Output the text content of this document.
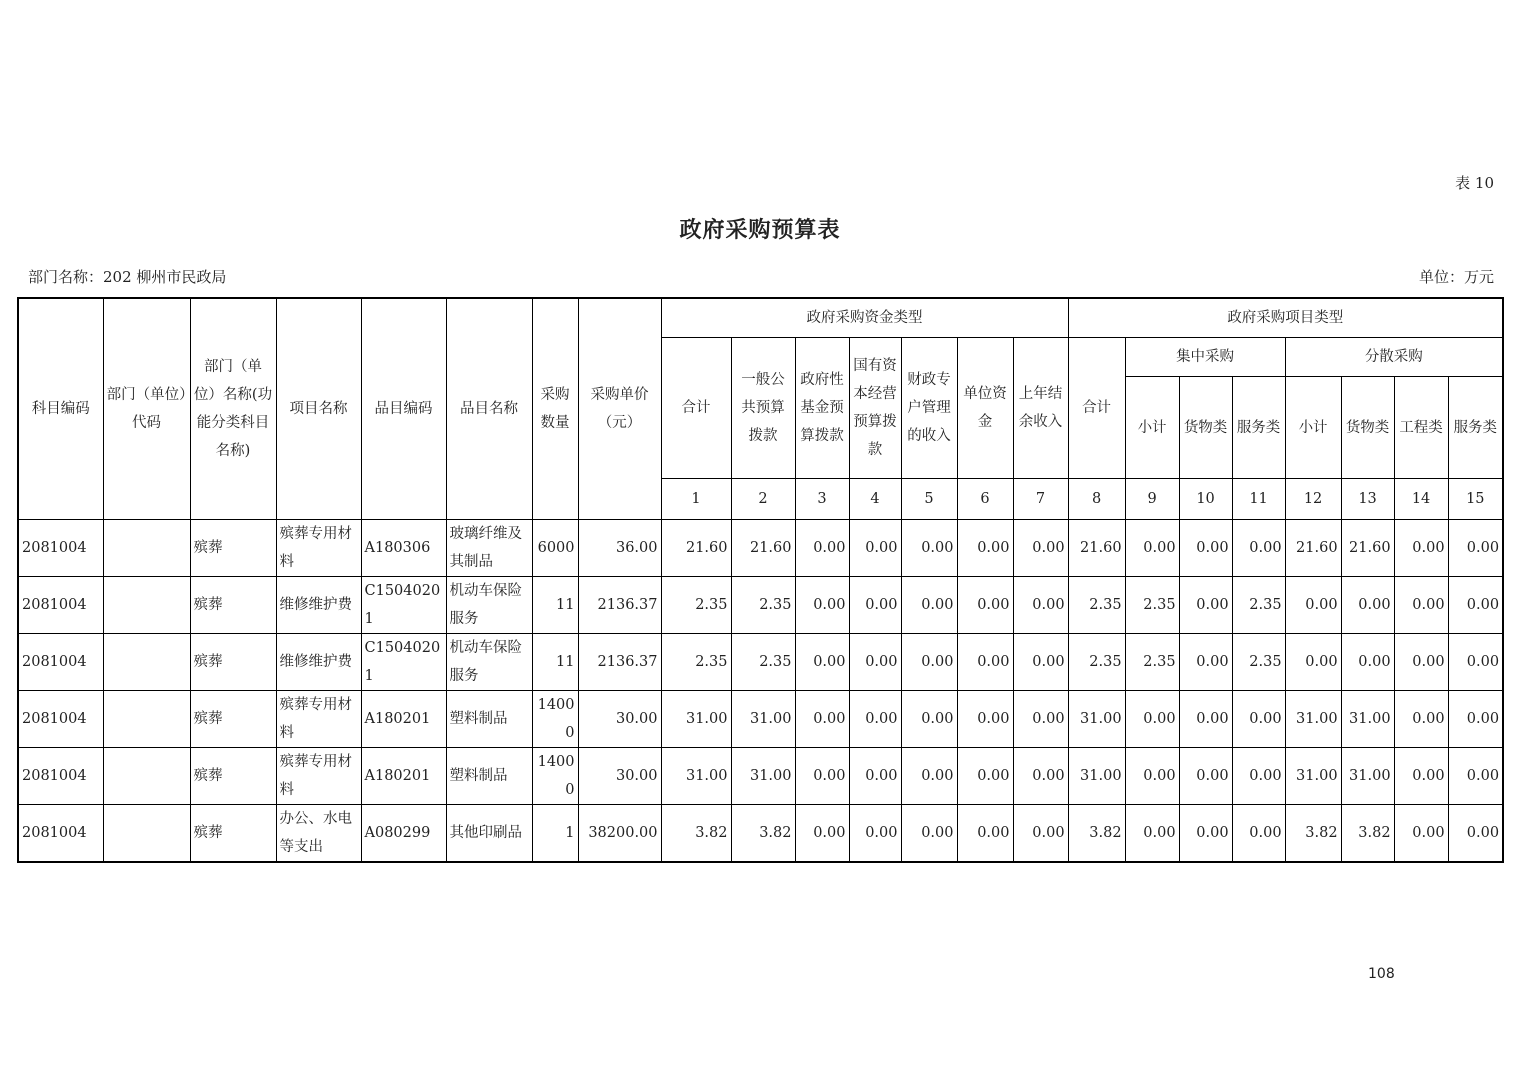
表 10
政府采购预算表
部门名称：202 柳州市民政局	单位：万元
科目编码	部门（单位）代码	部门（单位）名称(功能分类科目名称)	项目名称	品目编码	品目名称	采购数量	采购单价（元）	政府采购资金类型							政府采购项目类型							
								合计	一般公共预算拨款	政府性基金预算拨款	国有资本经营预算拨款	财政专户管理的收入	单位资金	上年结余收入	合计	集中采购			分散采购			
																小计	货物类	服务类	小计	货物类	工程类	服务类
								1	2	3	4	5	6	7	8	9	10	11	12	13	14	15
2081004		殡葬	殡葬专用材料	A180306	玻璃纤维及其制品	6000	36.00	21.60	21.60	0.00	0.00	0.00	0.00	0.00	21.60	0.00	0.00	0.00	21.60	21.60	0.00	0.00
2081004		殡葬	维修维护费	C15040201	机动车保险服务	11	2136.37	2.35	2.35	0.00	0.00	0.00	0.00	0.00	2.35	2.35	0.00	2.35	0.00	0.00	0.00	0.00
2081004		殡葬	维修维护费	C15040201	机动车保险服务	11	2136.37	2.35	2.35	0.00	0.00	0.00	0.00	0.00	2.35	2.35	0.00	2.35	0.00	0.00	0.00	0.00
2081004		殡葬	殡葬专用材料	A180201	塑料制品	14000	30.00	31.00	31.00	0.00	0.00	0.00	0.00	0.00	31.00	0.00	0.00	0.00	31.00	31.00	0.00	0.00
2081004		殡葬	殡葬专用材料	A180201	塑料制品	14000	30.00	31.00	31.00	0.00	0.00	0.00	0.00	0.00	31.00	0.00	0.00	0.00	31.00	31.00	0.00	0.00
2081004		殡葬	办公、水电等支出	A080299	其他印刷品	1	38200.00	3.82	3.82	0.00	0.00	0.00	0.00	0.00	3.82	0.00	0.00	0.00	3.82	3.82	0.00	0.00
108
